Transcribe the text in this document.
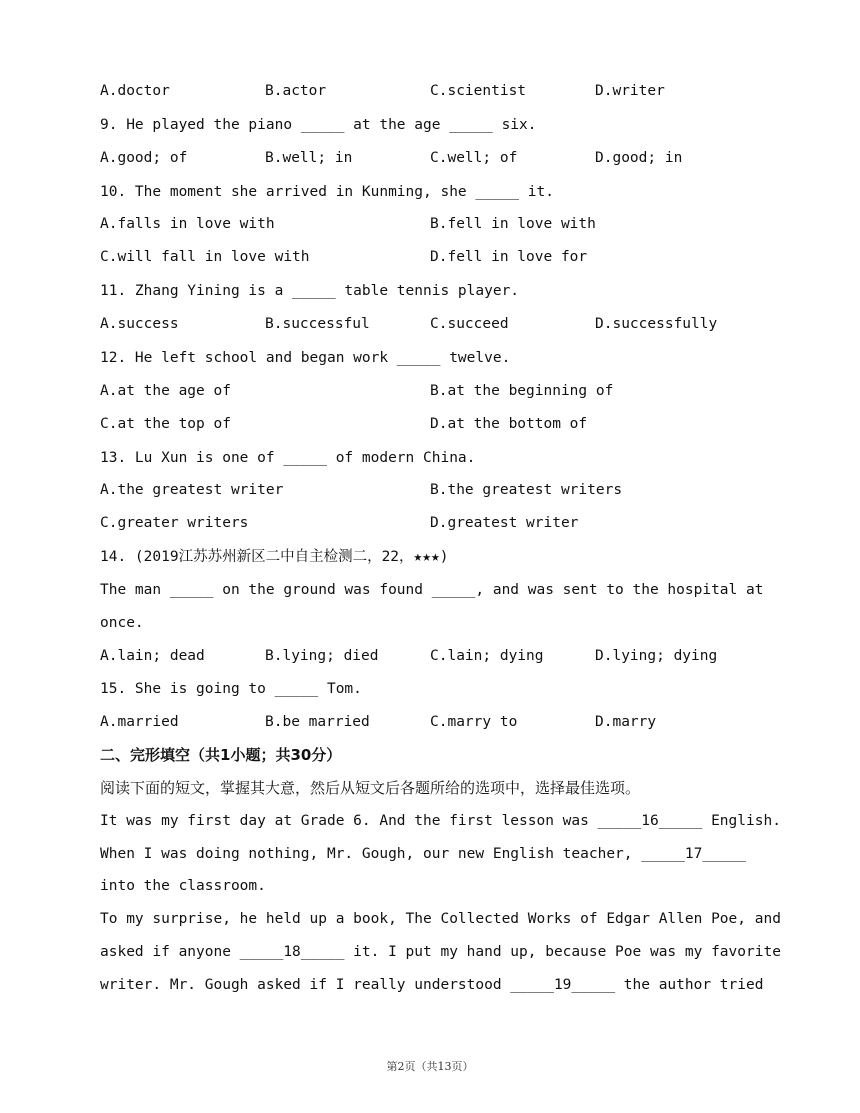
A.doctor	B.actor	C.scientist	D.writer
9. He played the piano _____ at the age _____ six.
A.good; of	B.well; in	C.well; of	D.good; in
10. The moment she arrived in Kunming, she _____ it.
A.falls in love with	B.fell in love with
C.will fall in love with	D.fell in love for
11. Zhang Yining is a _____ table tennis player.
A.success	B.successful	C.succeed	D.successfully
12. He left school and began work _____ twelve.
A.at the age of	B.at the beginning of
C.at the top of	D.at the bottom of
13. Lu Xun is one of _____ of modern China.
A.the greatest writer	B.the greatest writers
C.greater writers	D.greatest writer
14. (2019江苏苏州新区二中自主检测二，22，★★★)
The man _____ on the ground was found _____, and was sent to the hospital at
once.
A.lain; dead	B.lying; died	C.lain; dying	D.lying; dying
15. She is going to _____ Tom.
A.married	B.be married	C.marry to	D.marry
二、完形填空（共1小题；共30分）
阅读下面的短文，掌握其大意，然后从短文后各题所给的选项中，选择最佳选项。
It was my first day at Grade 6. And the first lesson was _____16_____ English.
When I was doing nothing, Mr. Gough, our new English teacher, _____17_____
into the classroom.
To my surprise, he held up a book, The Collected Works of Edgar Allen Poe, and
asked if anyone _____18_____ it. I put my hand up, because Poe was my favorite
writer. Mr. Gough asked if I really understood _____19_____ the author tried
第2页（共13页）
